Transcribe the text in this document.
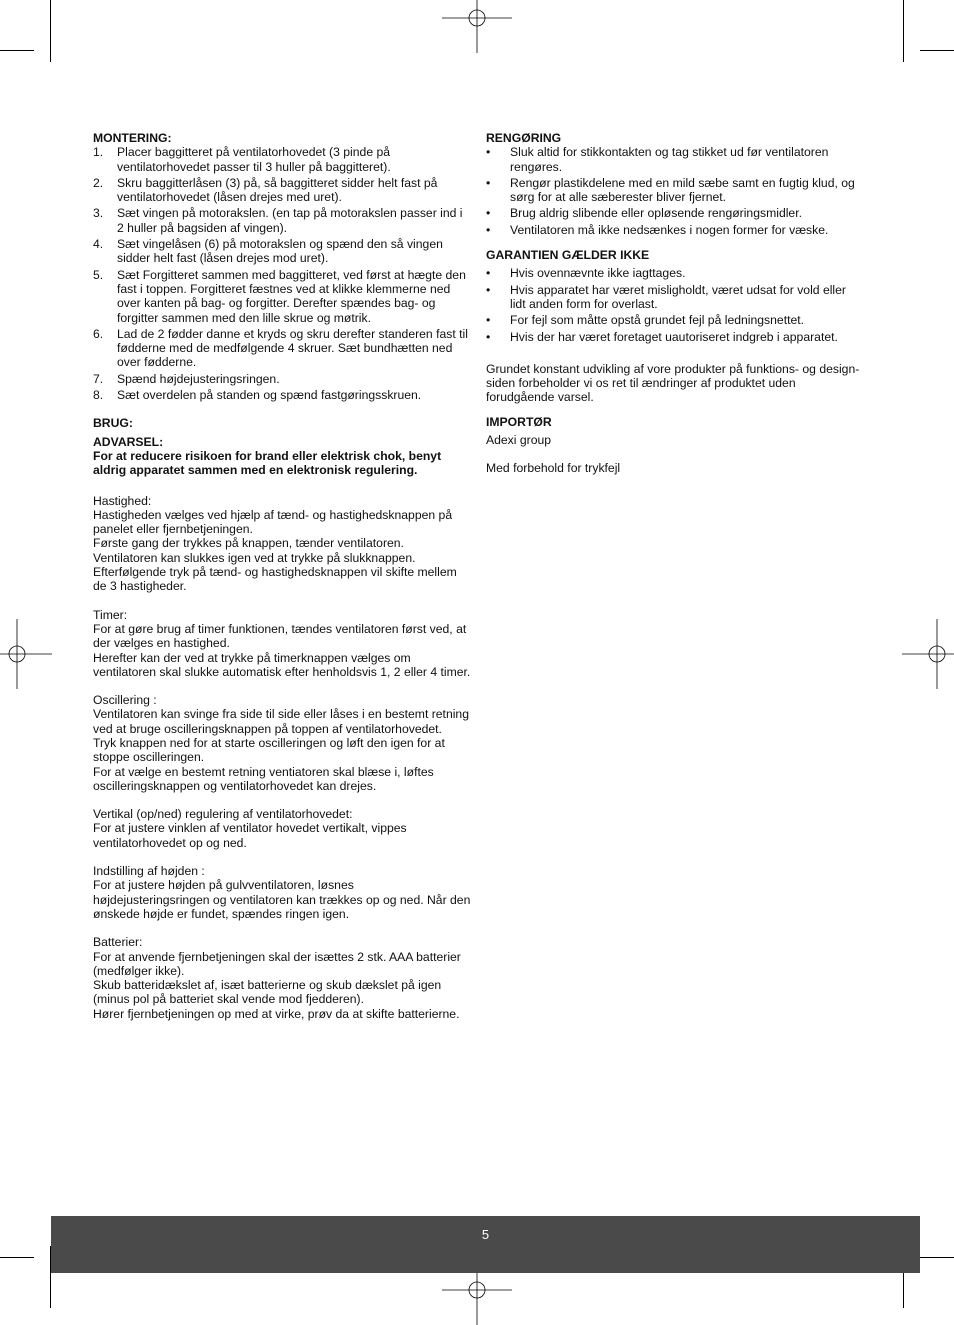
MONTERING:

1. Placer baggitteret på ventilatorhovedet (3 pinde på ventilatorhovedet passer til 3 huller på baggitteret).
2. Skru baggitterlåsen (3) på, så baggitteret sidder helt fast på ventilatorhovedet (låsen drejes med uret).
3. Sæt vingen på motorakslen. (en tap på motorakslen passer ind i 2 huller på bagsiden af vingen).
4. Sæt vingelåsen (6) på motorakslen og spænd den så vingen sidder helt fast (låsen drejes mod uret).
5. Sæt Forgitteret sammen med baggitteret, ved først at hægte den fast i toppen. Forgitteret fæstnes ved at klikke klemmerne ned over kanten på bag- og forgitter. Derefter spændes bag- og forgitter sammen med den lille skrue og møtrik.
6. Lad de 2 fødder danne et kryds og skru derefter standeren fast til fødderne med de medfølgende 4 skruer. Sæt bundhætten ned over fødderne.
7. Spænd højdejusteringsringen.
8. Sæt overdelen på standen og spænd fastgøringsskruen.

BRUG:

ADVARSEL:

For at reducere risikoen for brand eller elektrisk chok, benyt aldrig apparatet sammen med en elektronisk regulering.

Hastighed:

Hastigheden vælges ved hjælp af tænd- og hastighedsknappen på panelet eller fjernbetjeningen.

Første gang der trykkes på knappen, tænder ventilatoren.

Ventilatoren kan slukkes igen ved at trykke på slukknappen.

Efterfølgende tryk på tænd- og hastighedsknappen vil skifte mellem de 3 hastigheder.

Timer:

For at gøre brug af timer funktionen, tændes ventilatoren først ved, at der vælges en hastighed.

Herefter kan der ved at trykke på timerknappen vælges om ventilatoren skal slukke automatisk efter henholdsvis 1, 2 eller 4 timer.

Oscillering :

Ventilatoren kan svinge fra side til side eller låses i en bestemt retning ved at bruge oscilleringsknappen på toppen af ventilatorhovedet.

Tryk knappen ned for at starte oscilleringen og løft den igen for at stoppe oscilleringen.

For at vælge en bestemt retning ventiatoren skal blæse i, løftes oscilleringsknappen og ventilatorhovedet kan drejes.

Vertikal (op/ned) regulering af ventilatorhovedet:

For at justere vinklen af ventilator hovedet vertikalt, vippes ventilatorhovedet op og ned.

Indstilling af højden :

For at justere højden på gulvventilatoren, løsnes højdejusteringsringen og ventilatoren kan trækkes op og ned. Når den ønskede højde er fundet, spændes ringen igen.

Batterier:

For at anvende fjernbetjeningen skal der isættes 2 stk. AAA batterier (medfølger ikke).

Skub batteridækslet af, isæt batterierne og skub dækslet på igen (minus pol på batteriet skal vende mod fjedderen).

Hører fjernbetjeningen op med at virke, prøv da at skifte batterierne.

RENGØRING

• Sluk altid for stikkontakten og tag stikket ud før ventilatoren rengøres.
• Rengør plastikdelene med en mild sæbe samt en fugtig klud, og sørg for at alle sæberester bliver fjernet.
• Brug aldrig slibende eller opløsende rengøringsmidler.
• Ventilatoren må ikke nedsænkes i nogen former for væske.

GARANTIEN GÆLDER IKKE

• Hvis ovennævnte ikke iagttages.
• Hvis apparatet har været misligholdt, været udsat for vold eller lidt anden form for overlast.
• For fejl som måtte opstå grundet fejl på ledningsnettet.
• Hvis der har været foretaget uautoriseret indgreb i apparatet.

Grundet konstant udvikling af vore produkter på funktions- og design-siden forbeholder vi os ret til ændringer af produktet uden forudgående varsel.

IMPORTØR

Adexi group

Med forbehold for trykfejl

5
